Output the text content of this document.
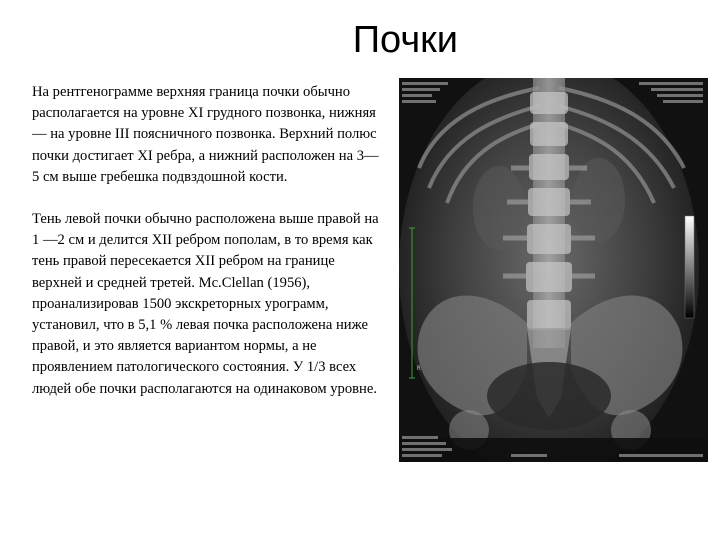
Почки

На рентгенограмме верхняя граница почки обычно располагается на уровне XI грудного позвонка, нижняя — на уровне III поясничного позвонка. Верхний полюс почки достигает XI ребра, а нижний расположен на 3—5 см выше гребешка подвздошной кости.

Тень левой почки обычно расположена выше правой на 1 —2 см и делится XII ребром пополам, в то время как тень правой пересекается XII ребром на границе верхней и средней третей. Mc.Clellan (1956), проанализировав 1500 экскреторных урограмм, установил, что в 5,1 % левая почка расположена ниже правой, и это является вариантом нормы, а не проявлением патологического состояния. У 1/3 всех людей обе почки располагаются на одинаковом уровне.

R
